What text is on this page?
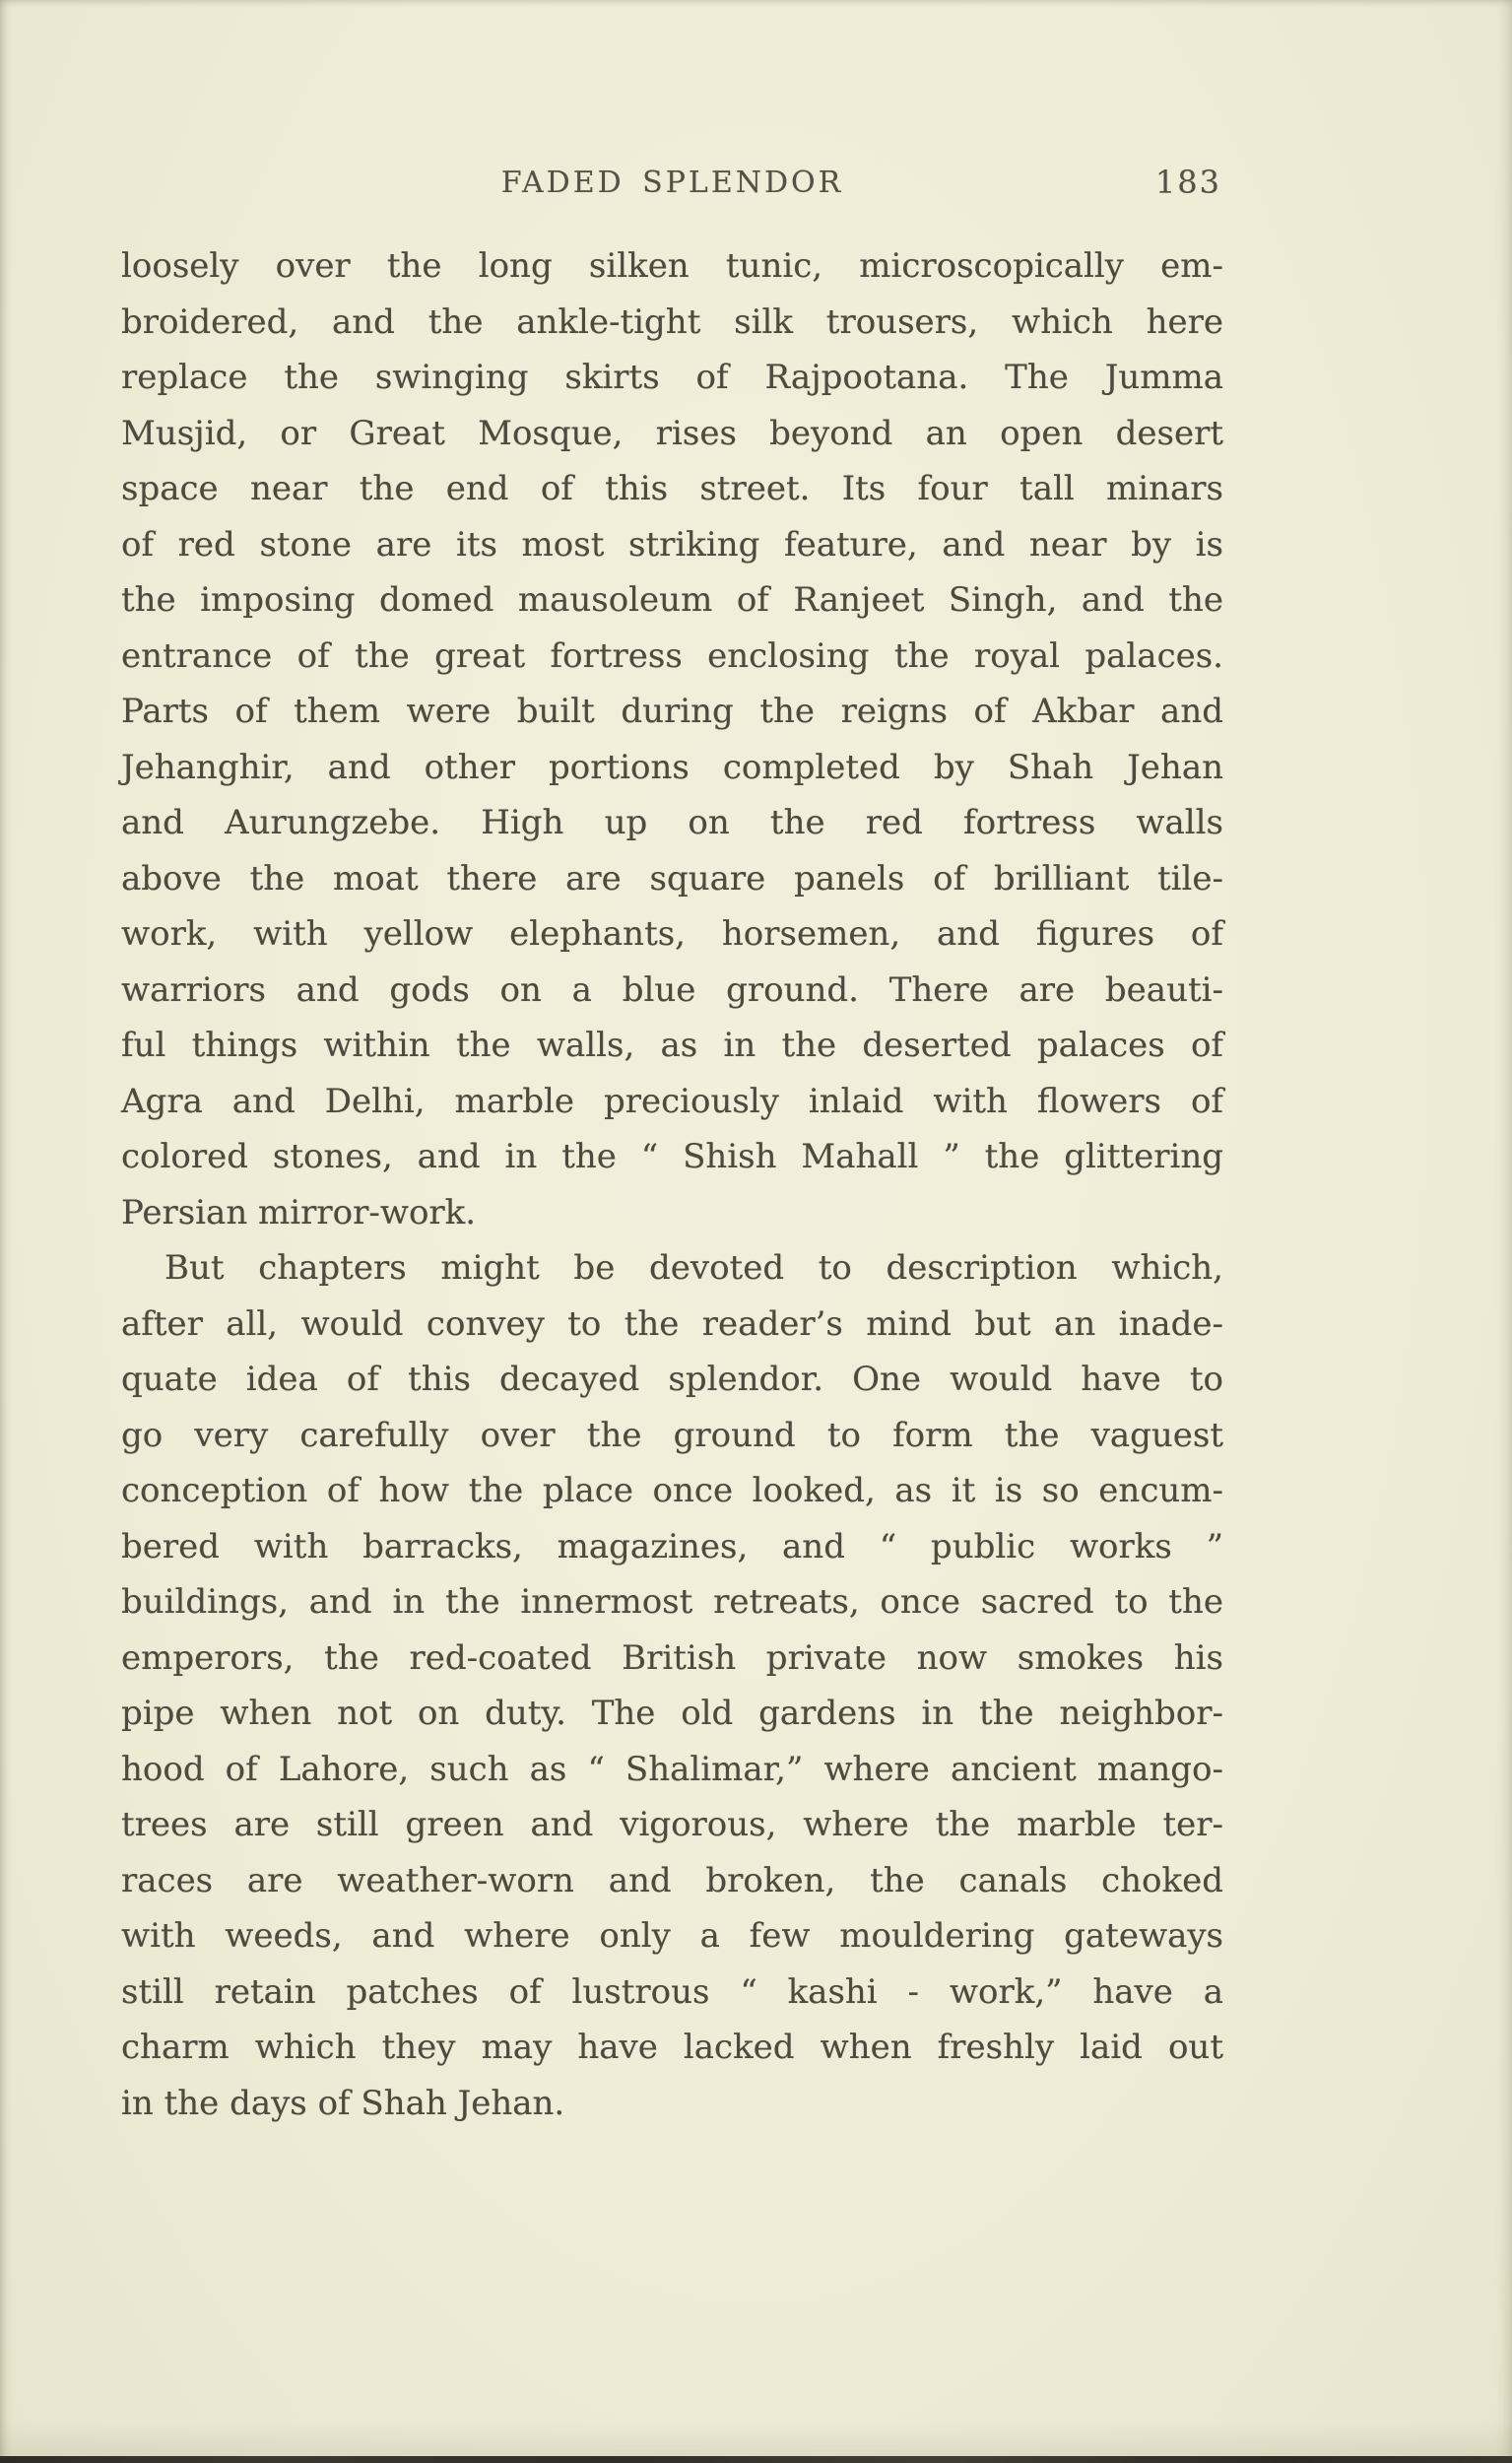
FADED SPLENDOR	183
loosely over the long silken tunic, microscopically em-
broidered, and the ankle-tight silk trousers, which here
replace the swinging skirts of Rajpootana. The Jumma
Musjid, or Great Mosque, rises beyond an open desert
space near the end of this street. Its four tall minars
of red stone are its most striking feature, and near by is
the imposing domed mausoleum of Ranjeet Singh, and the
entrance of the great fortress enclosing the royal palaces.
Parts of them were built during the reigns of Akbar and
Jehanghir, and other portions completed by Shah Jehan
and Aurungzebe. High up on the red fortress walls
above the moat there are square panels of brilliant tile-
work, with yellow elephants, horsemen, and figures of
warriors and gods on a blue ground. There are beauti-
ful things within the walls, as in the deserted palaces of
Agra and Delhi, marble preciously inlaid with flowers of
colored stones, and in the “ Shish Mahall ” the glittering
Persian mirror-work.
But chapters might be devoted to description which,
after all, would convey to the reader’s mind but an inade-
quate idea of this decayed splendor. One would have to
go very carefully over the ground to form the vaguest
conception of how the place once looked, as it is so encum-
bered with barracks, magazines, and “ public works ”
buildings, and in the innermost retreats, once sacred to the
emperors, the red-coated British private now smokes his
pipe when not on duty. The old gardens in the neighbor-
hood of Lahore, such as “ Shalimar,” where ancient mango-
trees are still green and vigorous, where the marble ter-
races are weather-worn and broken, the canals choked
with weeds, and where only a few mouldering gateways
still retain patches of lustrous “ kashi - work,” have a
charm which they may have lacked when freshly laid out
in the days of Shah Jehan.
